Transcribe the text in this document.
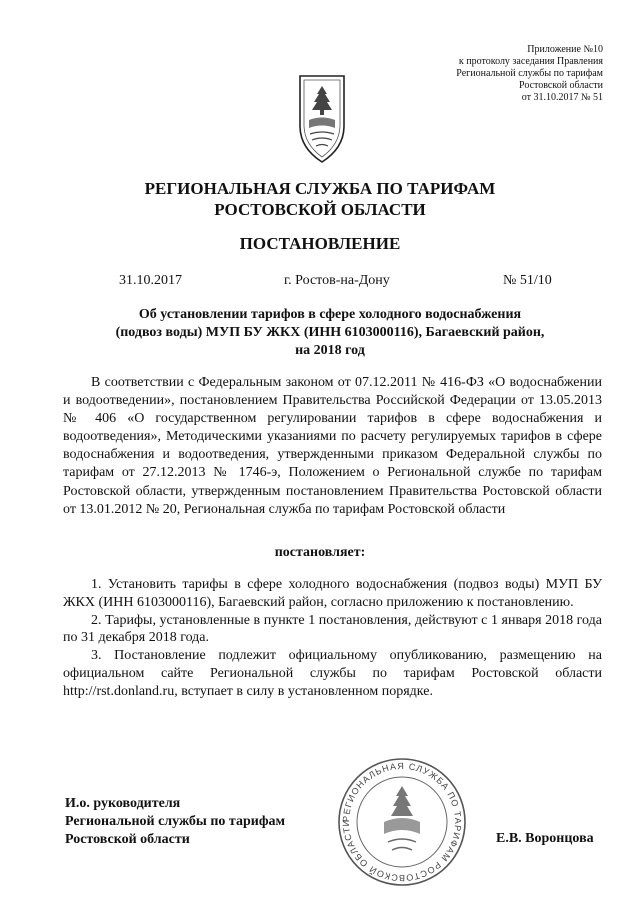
Приложение №10
к протоколу заседания Правления
Региональной службы по тарифам
Ростовской области
от 31.10.2017 № 51
РЕГИОНАЛЬНАЯ СЛУЖБА ПО ТАРИФАМ
РОСТОВСКОЙ ОБЛАСТИ
ПОСТАНОВЛЕНИЕ
31.10.2017	г. Ростов-на-Дону	№ 51/10
Об установлении тарифов в сфере холодного водоснабжения
(подвоз воды) МУП БУ ЖКХ (ИНН 6103000116), Багаевский район,
на 2018 год

В соответствии с Федеральным законом от 07.12.2011 № 416-ФЗ «О водоснабжении и водоотведении», постановлением Правительства Российской Федерации от 13.05.2013 № 406 «О государственном регулировании тарифов в сфере водоснабжения и водоотведения», Методическими указаниями по расчету регулируемых тарифов в сфере водоснабжения и водоотведения, утвержденными приказом Федеральной службы по тарифам от 27.12.2013 № 1746-э, Положением о Региональной службе по тарифам Ростовской области, утвержденным постановлением Правительства Ростовской области от 13.01.2012 № 20, Региональная служба по тарифам Ростовской области

постановляет:

1. Установить тарифы в сфере холодного водоснабжения (подвоз воды) МУП БУ ЖКХ (ИНН 6103000116), Багаевский район, согласно приложению к постановлению.

2. Тарифы, установленные в пункте 1 постановления, действуют с 1 января 2018 года по 31 декабря 2018 года.

3. Постановление подлежит официальному опубликованию, размещению на официальном сайте Региональной службы по тарифам Ростовской области http://rst.donland.ru, вступает в силу в установленном порядке.

РЕГИОНАЛЬНАЯ СЛУЖБА ПО ТАРИФАМ РОСТОВСКОЙ ОБЛАСТИ
И.о. руководителя
Региональной службы по тарифам
Ростовской области	Е.В. Воронцова
